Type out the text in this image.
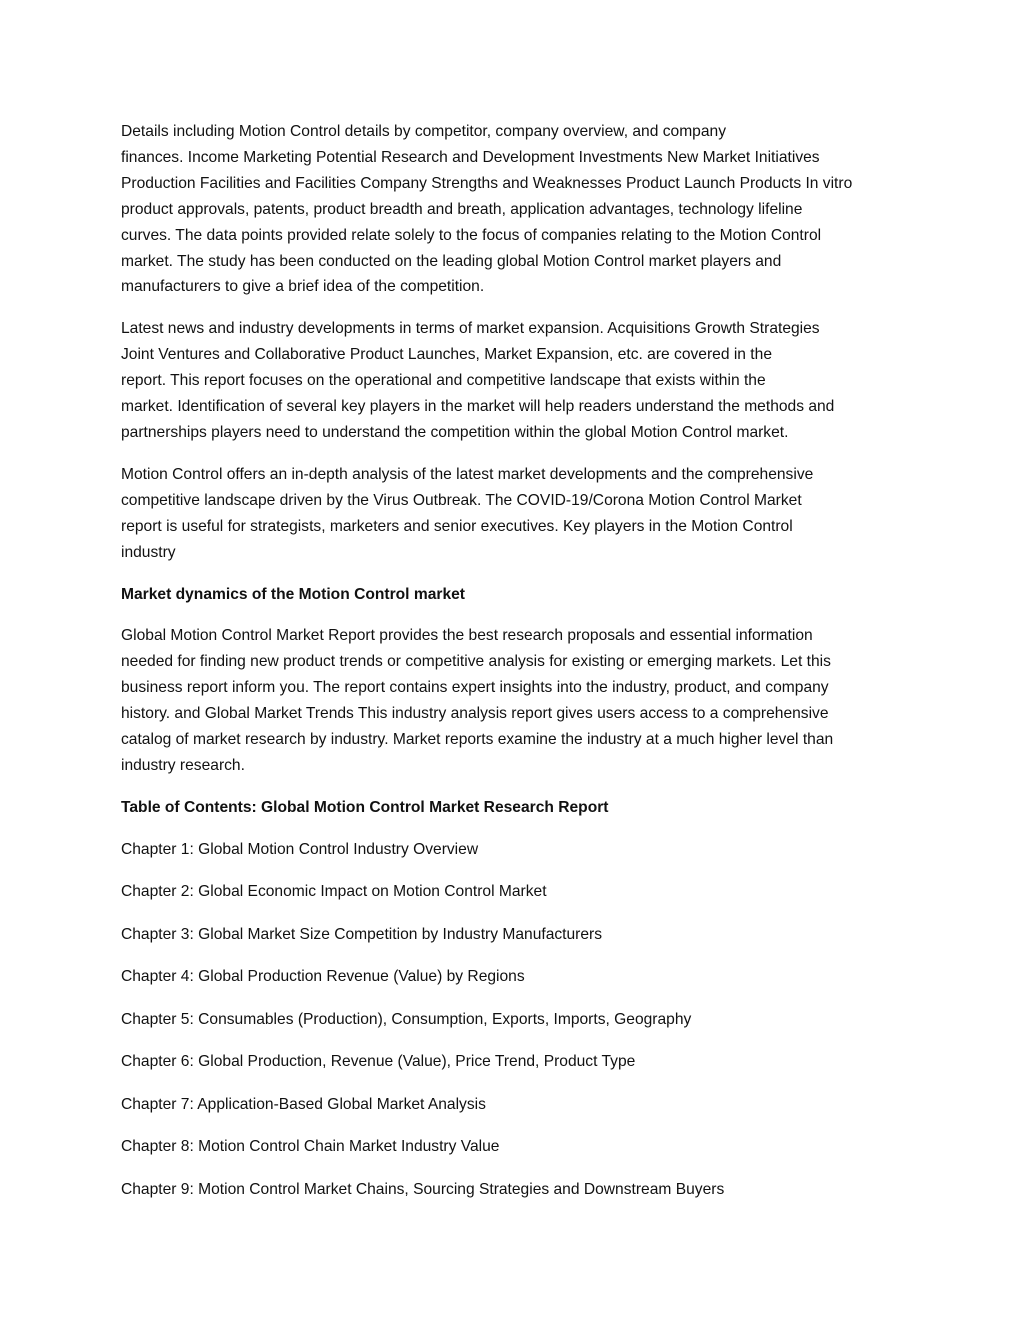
Details including Motion Control details by competitor, company overview, and company
finances. Income Marketing Potential Research and Development Investments New Market Initiatives
Production Facilities and Facilities Company Strengths and Weaknesses Product Launch Products In vitro
product approvals, patents, product breadth and breath, application advantages, technology lifeline
curves. The data points provided relate solely to the focus of companies relating to the Motion Control
market. The study has been conducted on the leading global Motion Control market players and
manufacturers to give a brief idea of the competition.

Latest news and industry developments in terms of market expansion. Acquisitions Growth Strategies
Joint Ventures and Collaborative Product Launches, Market Expansion, etc. are covered in the
report. This report focuses on the operational and competitive landscape that exists within the
market. Identification of several key players in the market will help readers understand the methods and
partnerships players need to understand the competition within the global Motion Control market.

Motion Control offers an in-depth analysis of the latest market developments and the comprehensive
competitive landscape driven by the Virus Outbreak. The COVID-19/Corona Motion Control Market
report is useful for strategists, marketers and senior executives. Key players in the Motion Control
industry

Market dynamics of the Motion Control market

Global Motion Control Market Report provides the best research proposals and essential information
needed for finding new product trends or competitive analysis for existing or emerging markets. Let this
business report inform you. The report contains expert insights into the industry, product, and company
history. and Global Market Trends This industry analysis report gives users access to a comprehensive
catalog of market research by industry. Market reports examine the industry at a much higher level than
industry research.

Table of Contents: Global Motion Control Market Research Report

Chapter 1: Global Motion Control Industry Overview

Chapter 2: Global Economic Impact on Motion Control Market

Chapter 3: Global Market Size Competition by Industry Manufacturers

Chapter 4: Global Production Revenue (Value) by Regions

Chapter 5: Consumables (Production), Consumption, Exports, Imports, Geography

Chapter 6: Global Production, Revenue (Value), Price Trend, Product Type

Chapter 7: Application-Based Global Market Analysis

Chapter 8: Motion Control Chain Market Industry Value

Chapter 9: Motion Control Market Chains, Sourcing Strategies and Downstream Buyers
